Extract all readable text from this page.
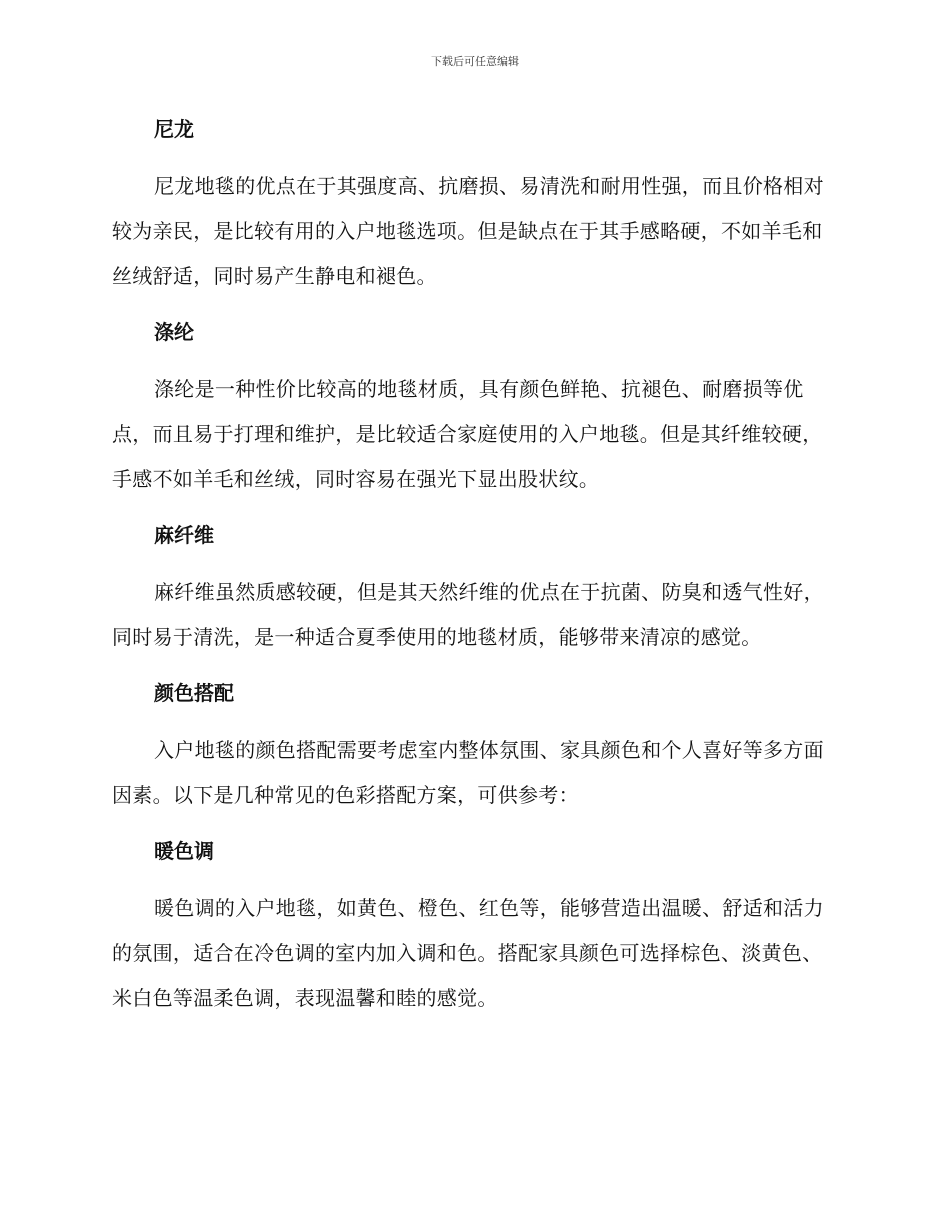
下载后可任意编辑
尼龙

尼龙地毯的优点在于其强度高、抗磨损、易清洗和耐用性强，而且价格相对较为亲民，是比较有用的入户地毯选项。但是缺点在于其手感略硬，不如羊毛和丝绒舒适，同时易产生静电和褪色。

涤纶

涤纶是一种性价比较高的地毯材质，具有颜色鲜艳、抗褪色、耐磨损等优点，而且易于打理和维护，是比较适合家庭使用的入户地毯。但是其纤维较硬，手感不如羊毛和丝绒，同时容易在强光下显出股状纹。

麻纤维

麻纤维虽然质感较硬，但是其天然纤维的优点在于抗菌、防臭和透气性好，同时易于清洗，是一种适合夏季使用的地毯材质，能够带来清凉的感觉。

颜色搭配

入户地毯的颜色搭配需要考虑室内整体氛围、家具颜色和个人喜好等多方面因素。以下是几种常见的色彩搭配方案，可供参考：

暖色调

暖色调的入户地毯，如黄色、橙色、红色等，能够营造出温暖、舒适和活力的氛围，适合在冷色调的室内加入调和色。搭配家具颜色可选择棕色、淡黄色、米白色等温柔色调，表现温馨和睦的感觉。
